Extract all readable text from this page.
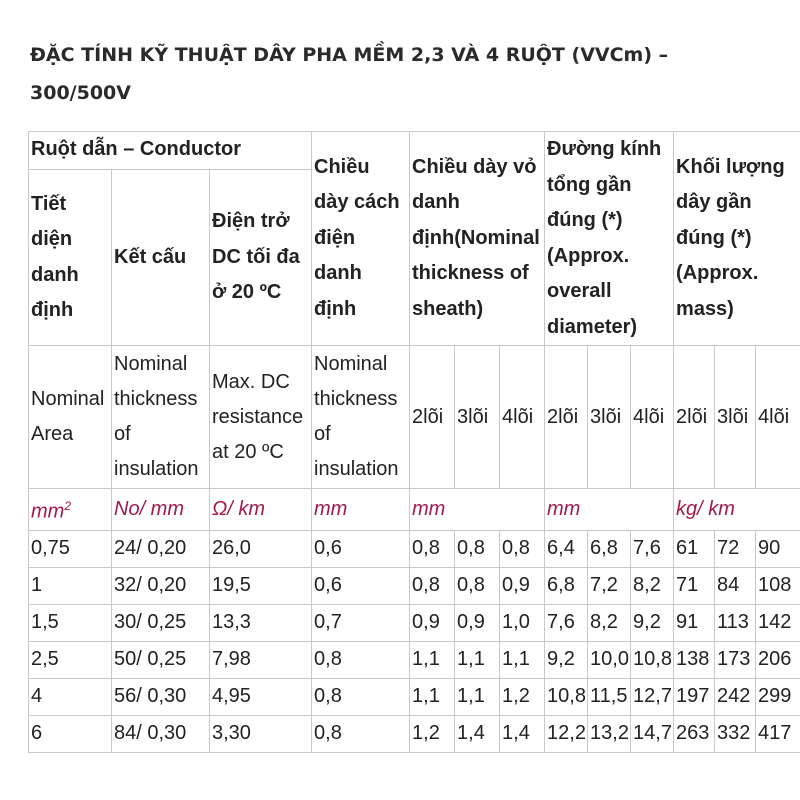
ĐẶC TÍNH KỸ THUẬT DÂY PHA MỀM 2,3 VÀ 4 RUỘT (VVCm) – 300/500V
Ruột dẫn – Conductor			Chiều dày cách điện danh định	Chiều dày vỏ danh định(Nominal thickness of sheath)			Đường kính tổng gần đúng (*) (Approx. overall diameter)			Khối lượng dây gần đúng (*) (Approx. mass)		
Tiết diện danh định	Kết cấu	Điện trở DC tối đa ở 20 ºC										
Nominal Area	Nominal thickness of insulation	Max. DC resistance at 20 ºC	Nominal thickness of insulation	2lõi	3lõi	4lõi	2lõi	3lõi	4lõi	2lõi	3lõi	4lõi
$mm^2$	No/ mm	Ω/ km	mm	mm			mm			kg/ km		
0,75	24/ 0,20	26,0	0,6	0,8	0,8	0,8	6,4	6,8	7,6	61	72	90
1	32/ 0,20	19,5	0,6	0,8	0,8	0,9	6,8	7,2	8,2	71	84	108
1,5	30/ 0,25	13,3	0,7	0,9	0,9	1,0	7,6	8,2	9,2	91	113	142
2,5	50/ 0,25	7,98	0,8	1,1	1,1	1,1	9,2	10,0	10,8	138	173	206
4	56/ 0,30	4,95	0,8	1,1	1,1	1,2	10,8	11,5	12,7	197	242	299
6	84/ 0,30	3,30	0,8	1,2	1,4	1,4	12,2	13,2	14,7	263	332	417
